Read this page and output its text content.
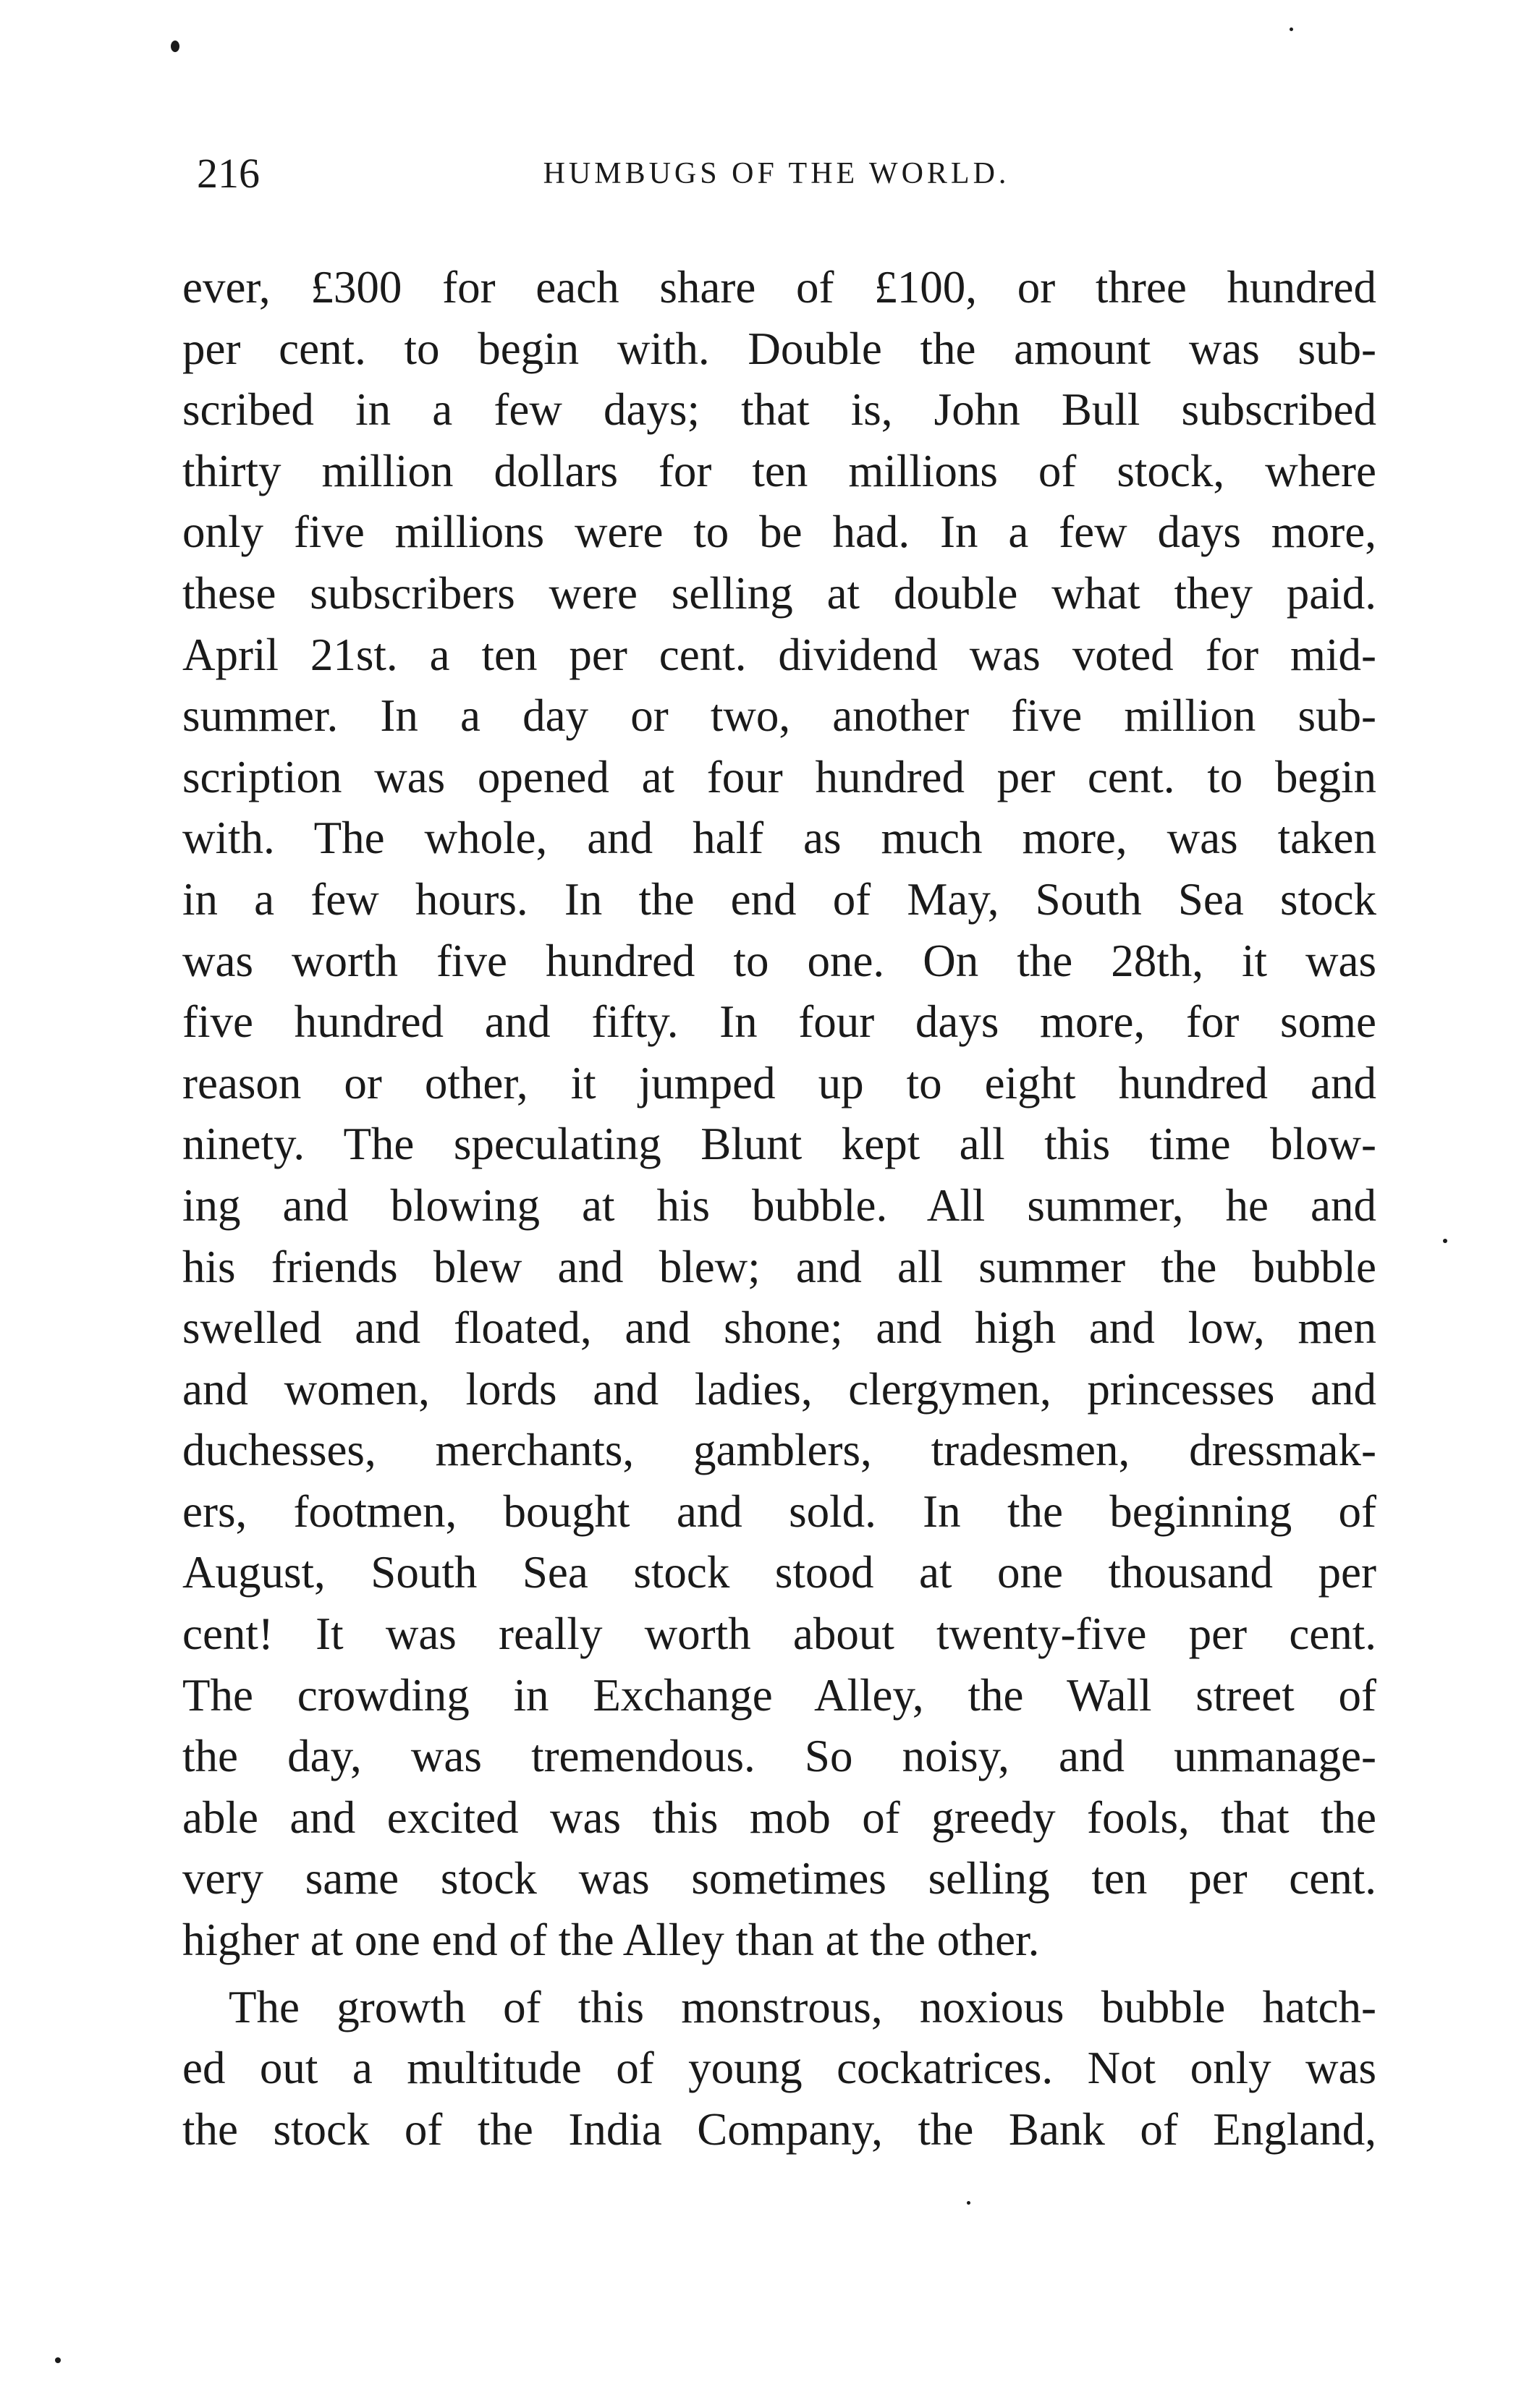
216	HUMBUGS OF THE WORLD.
ever, £300 for each share of £100, or three hundred
per cent. to begin with. Double the amount was sub-
scribed in a few days; that is, John Bull subscribed
thirty million dollars for ten millions of stock, where
only five millions were to be had. In a few days more,
these subscribers were selling at double what they paid.
April 21st. a ten per cent. dividend was voted for mid-
summer. In a day or two, another five million sub-
scription was opened at four hundred per cent. to begin
with. The whole, and half as much more, was taken
in a few hours. In the end of May, South Sea stock
was worth five hundred to one. On the 28th, it was
five hundred and fifty. In four days more, for some
reason or other, it jumped up to eight hundred and
ninety. The speculating Blunt kept all this time blow-
ing and blowing at his bubble. All summer, he and
his friends blew and blew; and all summer the bubble
swelled and floated, and shone; and high and low, men
and women, lords and ladies, clergymen, princesses and
duchesses, merchants, gamblers, tradesmen, dressmak-
ers, footmen, bought and sold. In the beginning of
August, South Sea stock stood at one thousand per
cent! It was really worth about twenty-five per cent.
The crowding in Exchange Alley, the Wall street of
the day, was tremendous. So noisy, and unmanage-
able and excited was this mob of greedy fools, that the
very same stock was sometimes selling ten per cent.
higher at one end of the Alley than at the other.
The growth of this monstrous, noxious bubble hatch-
ed out a multitude of young cockatrices. Not only was
the stock of the India Company, the Bank of England,
